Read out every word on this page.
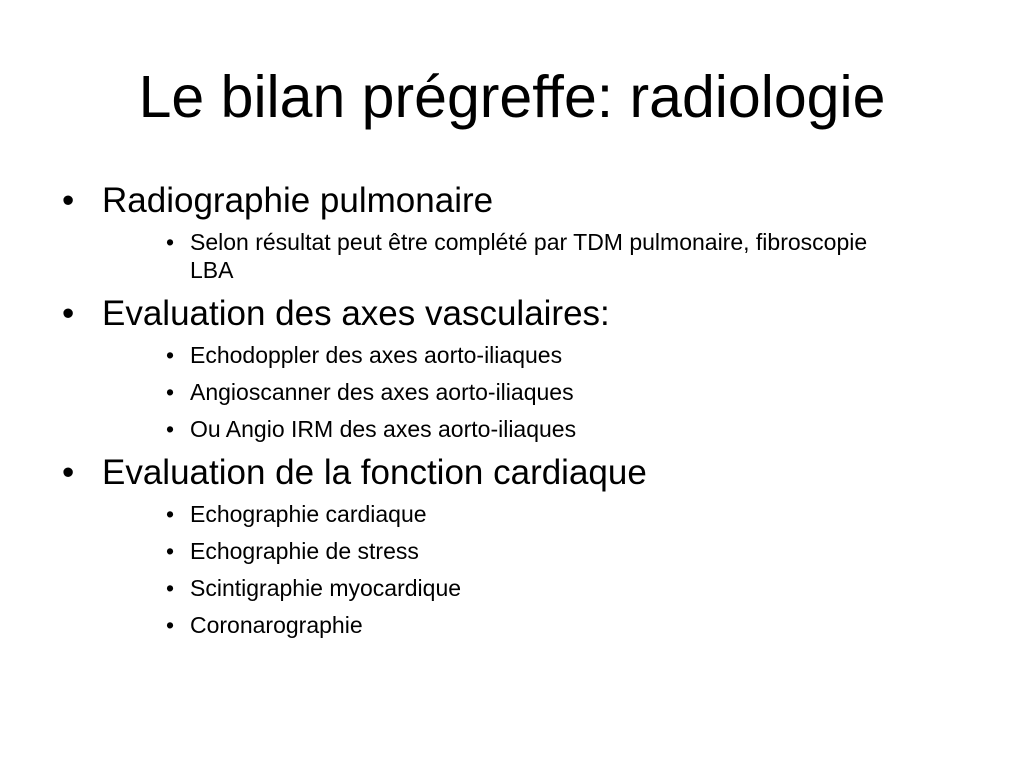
Le bilan prégreffe: radiologie
• Radiographie pulmonaire
• Selon résultat peut être complété par TDM pulmonaire, fibroscopie LBA
• Evaluation des axes vasculaires:
• Echodoppler des axes aorto-iliaques
• Angioscanner des axes aorto-iliaques
• Ou Angio IRM des axes aorto-iliaques
• Evaluation de la fonction cardiaque
• Echographie cardiaque
• Echographie de stress
• Scintigraphie myocardique
• Coronarographie
